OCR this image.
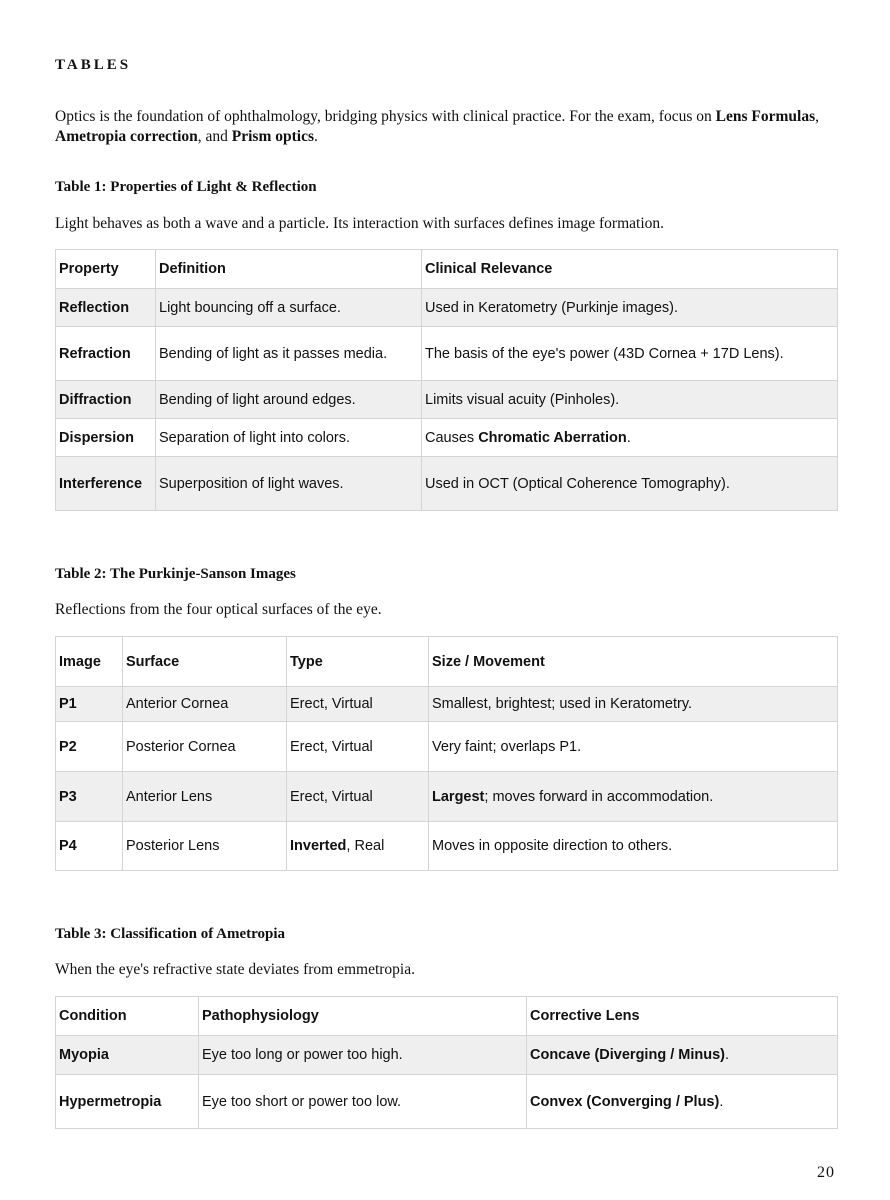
TABLES

Optics is the foundation of ophthalmology, bridging physics with clinical practice. For the exam, focus on Lens Formulas, Ametropia correction, and Prism optics.

Table 1: Properties of Light & Reflection
Light behaves as both a wave and a particle. Its interaction with surfaces defines image formation.
Property	Definition	Clinical Relevance
Reflection	Light bouncing off a surface.	Used in Keratometry (Purkinje images).
Refraction	Bending of light as it passes media.	The basis of the eye's power (43D Cornea + 17D Lens).
Diffraction	Bending of light around edges.	Limits visual acuity (Pinholes).
Dispersion	Separation of light into colors.	Causes Chromatic Aberration.
Interference	Superposition of light waves.	Used in OCT (Optical Coherence Tomography).
Table 2: The Purkinje-Sanson Images
Reflections from the four optical surfaces of the eye.
Image	Surface	Type	Size / Movement
P1	Anterior Cornea	Erect, Virtual	Smallest, brightest; used in Keratometry.
P2	Posterior Cornea	Erect, Virtual	Very faint; overlaps P1.
P3	Anterior Lens	Erect, Virtual	Largest; moves forward in accommodation.
P4	Posterior Lens	Inverted, Real	Moves in opposite direction to others.
Table 3: Classification of Ametropia
When the eye's refractive state deviates from emmetropia.
Condition	Pathophysiology	Corrective Lens
Myopia	Eye too long or power too high.	Concave (Diverging / Minus).
Hypermetropia	Eye too short or power too low.	Convex (Converging / Plus).
20
